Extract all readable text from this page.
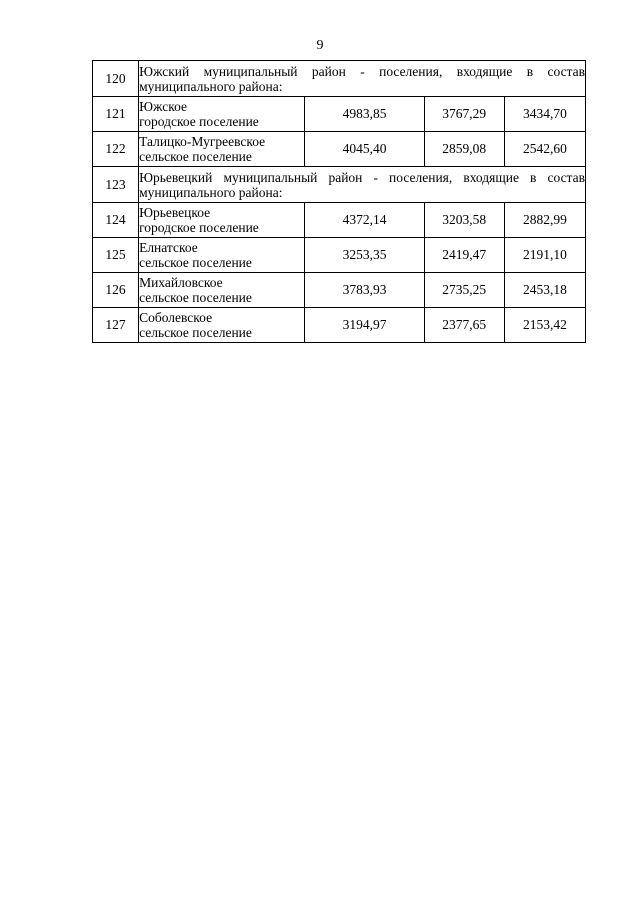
9
120	Южский муниципальный район - поселения, входящие в состав муниципального района:			
121	Южское
городское поселение	4983,85	3767,29	3434,70
122	Талицко-Мугреевское
сельское поселение	4045,40	2859,08	2542,60
123	Юрьевецкий муниципальный район - поселения, входящие в состав муниципального района:			
124	Юрьевецкое
городское поселение	4372,14	3203,58	2882,99
125	Елнатское
сельское поселение	3253,35	2419,47	2191,10
126	Михайловское
сельское поселение	3783,93	2735,25	2453,18
127	Соболевское
сельское поселение	3194,97	2377,65	2153,42
